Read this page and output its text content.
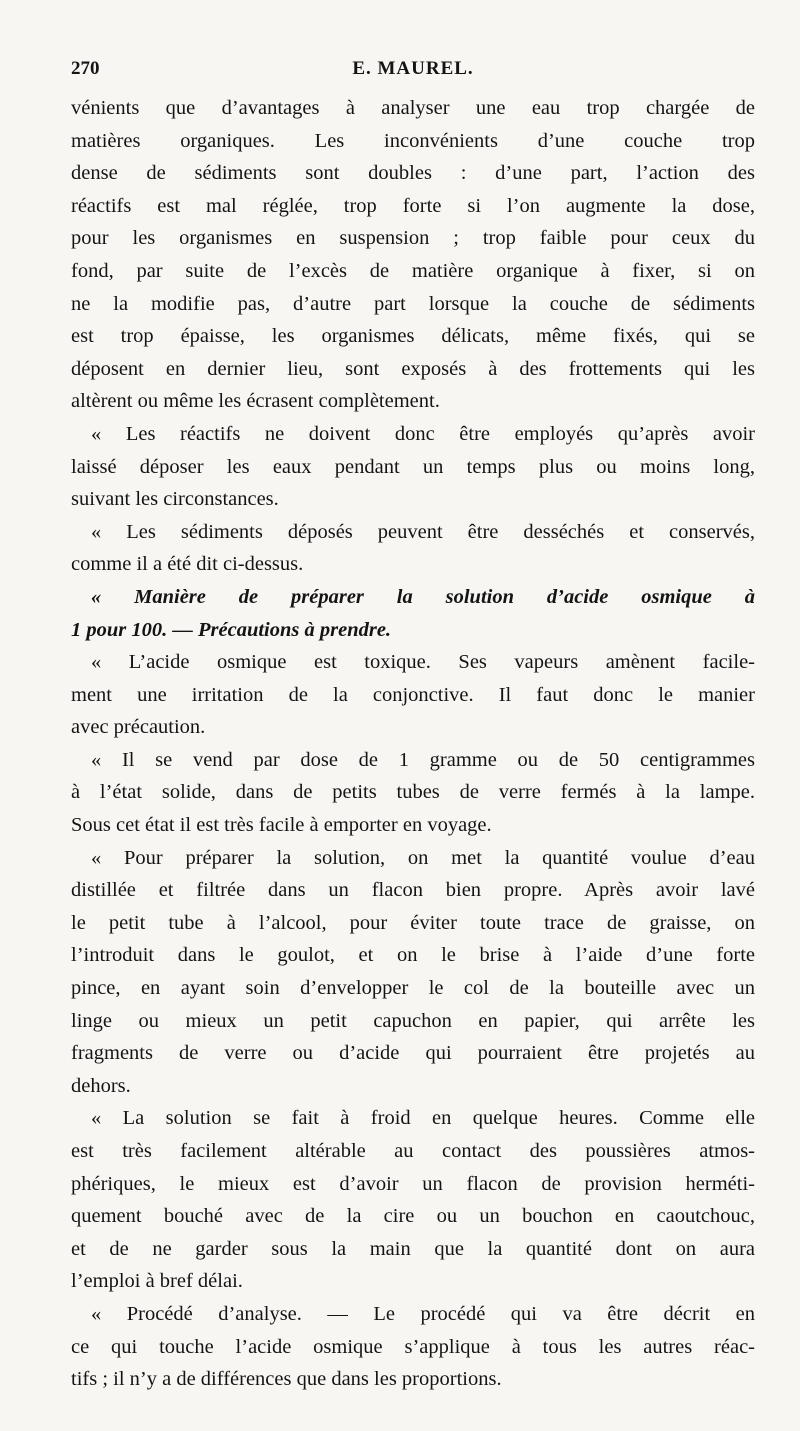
270	E. MAUREL.
vénients que d’avantages à analyser une eau trop chargée de
matières organiques. Les inconvénients d’une couche trop
dense de sédiments sont doubles : d’une part, l’action des
réactifs est mal réglée, trop forte si l’on augmente la dose,
pour les organismes en suspension ; trop faible pour ceux du
fond, par suite de l’excès de matière organique à fixer, si on
ne la modifie pas, d’autre part lorsque la couche de sédiments
est trop épaisse, les organismes délicats, même fixés, qui se
déposent en dernier lieu, sont exposés à des frottements qui les
altèrent ou même les écrasent complètement.
« Les réactifs ne doivent donc être employés qu’après avoir
laissé déposer les eaux pendant un temps plus ou moins long,
suivant les circonstances.
« Les sédiments déposés peuvent être desséchés et conservés,
comme il a été dit ci-dessus.
« Manière de préparer la solution d’acide osmique à
1 pour 100. — Précautions à prendre.
« L’acide osmique est toxique. Ses vapeurs amènent facile-
ment une irritation de la conjonctive. Il faut donc le manier
avec précaution.
« Il se vend par dose de 1 gramme ou de 50 centigrammes
à l’état solide, dans de petits tubes de verre fermés à la lampe.
Sous cet état il est très facile à emporter en voyage.
« Pour préparer la solution, on met la quantité voulue d’eau
distillée et filtrée dans un flacon bien propre. Après avoir lavé
le petit tube à l’alcool, pour éviter toute trace de graisse, on
l’introduit dans le goulot, et on le brise à l’aide d’une forte
pince, en ayant soin d’envelopper le col de la bouteille avec un
linge ou mieux un petit capuchon en papier, qui arrête les
fragments de verre ou d’acide qui pourraient être projetés au
dehors.
« La solution se fait à froid en quelque heures. Comme elle
est très facilement altérable au contact des poussières atmos-
phériques, le mieux est d’avoir un flacon de provision herméti-
quement bouché avec de la cire ou un bouchon en caoutchouc,
et de ne garder sous la main que la quantité dont on aura
l’emploi à bref délai.
« Procédé d’analyse. — Le procédé qui va être décrit en
ce qui touche l’acide osmique s’applique à tous les autres réac-
tifs ; il n’y a de différences que dans les proportions.
